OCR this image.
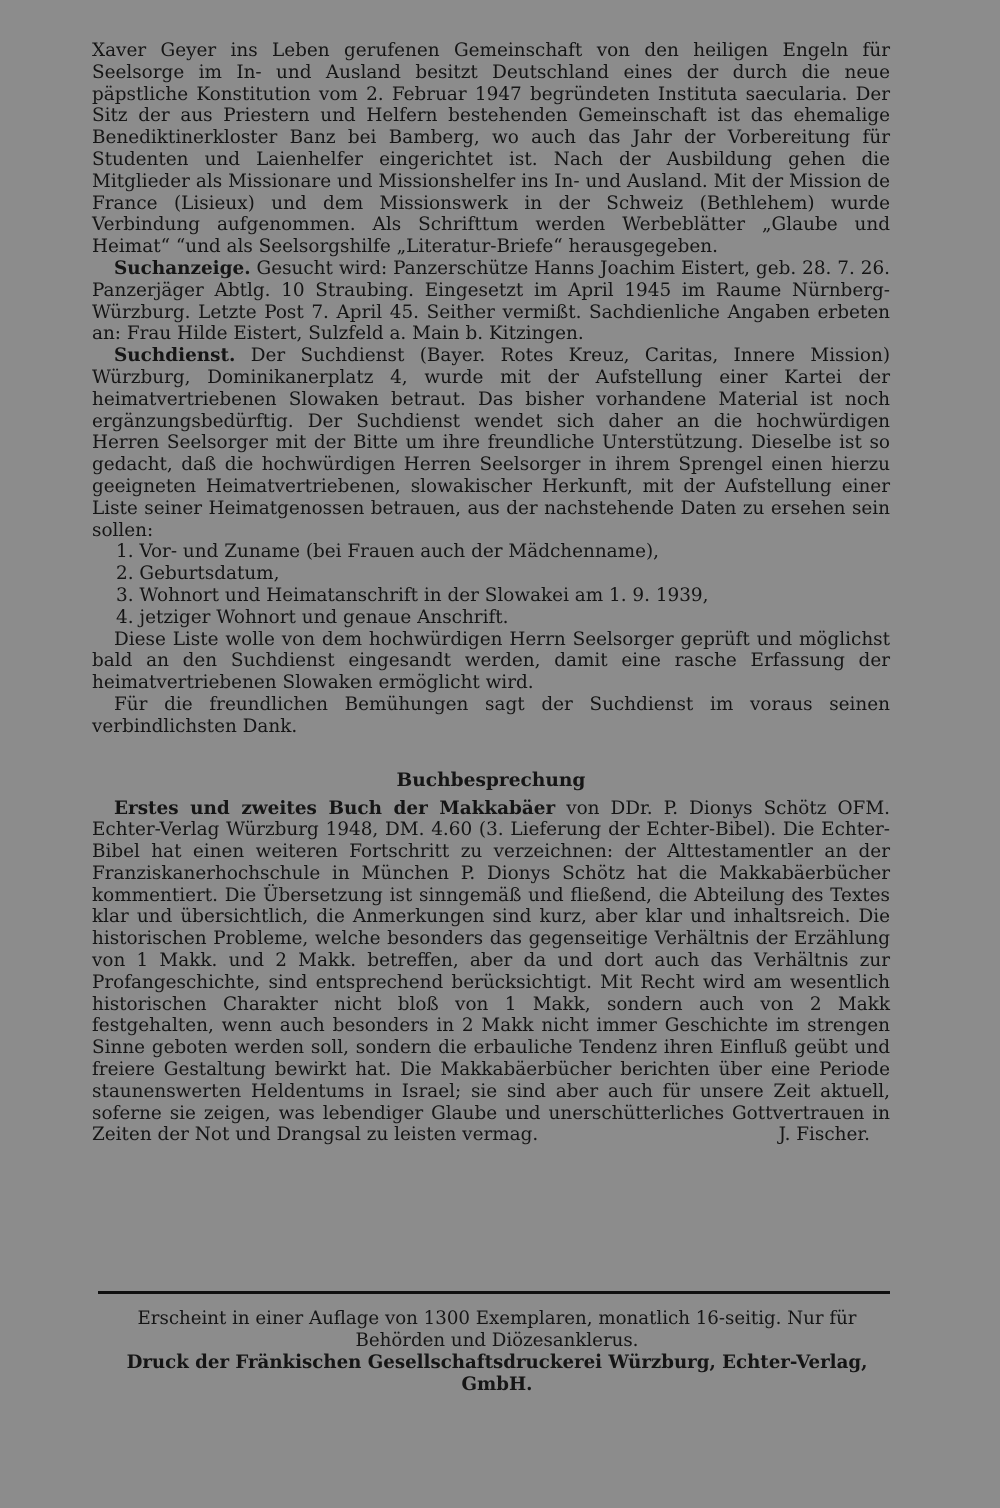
Xaver Geyer ins Leben gerufenen Gemeinschaft von den heiligen Engeln für Seelsorge im In- und Ausland besitzt Deutschland eines der durch die neue päpstliche Konstitution vom 2. Februar 1947 begründeten Instituta saecularia. Der Sitz der aus Priestern und Helfern bestehenden Gemeinschaft ist das ehemalige Benediktinerkloster Banz bei Bamberg, wo auch das Jahr der Vorbereitung für Studenten und Laienhelfer eingerichtet ist. Nach der Ausbildung gehen die Mitglieder als Missionare und Missionshelfer ins In- und Ausland. Mit der Mission de France (Lisieux) und dem Missionswerk in der Schweiz (Bethlehem) wurde Verbindung aufgenommen. Als Schrifttum werden Werbeblätter „Glaube und Heimat“ “und als Seelsorgshilfe „Literatur-Briefe“ herausgegeben.

Suchanzeige. Gesucht wird: Panzerschütze Hanns Joachim Eistert, geb. 28. 7. 26. Panzerjäger Abtlg. 10 Straubing. Eingesetzt im April 1945 im Raume Nürnberg-Würzburg. Letzte Post 7. April 45. Seither vermißt. Sachdienliche Angaben erbeten an: Frau Hilde Eistert, Sulzfeld a. Main b. Kitzingen.

Suchdienst. Der Suchdienst (Bayer. Rotes Kreuz, Caritas, Innere Mission) Würzburg, Dominikanerplatz 4, wurde mit der Aufstellung einer Kartei der heimatvertriebenen Slowaken betraut. Das bisher vorhandene Material ist noch ergänzungsbedürftig. Der Suchdienst wendet sich daher an die hochwürdigen Herren Seelsorger mit der Bitte um ihre freundliche Unterstützung. Dieselbe ist so gedacht, daß die hochwürdigen Herren Seelsorger in ihrem Sprengel einen hierzu geeigneten Heimatvertriebenen, slowakischer Herkunft, mit der Aufstellung einer Liste seiner Heimatgenossen betrauen, aus der nachstehende Daten zu ersehen sein sollen:

1. Vor- und Zuname (bei Frauen auch der Mädchenname),
2. Geburtsdatum,
3. Wohnort und Heimatanschrift in der Slowakei am 1. 9. 1939,
4. jetziger Wohnort und genaue Anschrift.

Diese Liste wolle von dem hochwürdigen Herrn Seelsorger geprüft und möglichst bald an den Suchdienst eingesandt werden, damit eine rasche Erfassung der heimatvertriebenen Slowaken ermöglicht wird.

Für die freundlichen Bemühungen sagt der Suchdienst im voraus seinen verbindlichsten Dank.

Buchbesprechung

Erstes und zweites Buch der Makkabäer von DDr. P. Dionys Schötz OFM. Echter-Verlag Würzburg 1948, DM. 4.60 (3. Lieferung der Echter-Bibel). Die Echter-Bibel hat einen weiteren Fortschritt zu verzeichnen: der Alttestamentler an der Franziskanerhochschule in München P. Dionys Schötz hat die Makkabäerbücher kommentiert. Die Übersetzung ist sinngemäß und fließend, die Abteilung des Textes klar und übersichtlich, die Anmerkungen sind kurz, aber klar und inhaltsreich. Die historischen Probleme, welche besonders das gegenseitige Verhältnis der Erzählung von 1 Makk. und 2 Makk. betreffen, aber da und dort auch das Verhältnis zur Profangeschichte, sind entsprechend berücksichtigt. Mit Recht wird am wesentlich historischen Charakter nicht bloß von 1 Makk, sondern auch von 2 Makk festgehalten, wenn auch besonders in 2 Makk nicht immer Geschichte im strengen Sinne geboten werden soll, sondern die erbauliche Tendenz ihren Einfluß geübt und freiere Gestaltung bewirkt hat. Die Makkabäerbücher berichten über eine Periode staunenswerten Heldentums in Israel; sie sind aber auch für unsere Zeit aktuell, soferne sie zeigen, was lebendiger Glaube und unerschütterliches Gottvertrauen in Zeiten der Not und Drangsal zu leisten vermag.	J. Fischer.

Erscheint in einer Auflage von 1300 Exemplaren, monatlich 16-seitig. Nur für Behörden und Diözesanklerus.

Druck der Fränkischen Gesellschaftsdruckerei Würzburg, Echter-Verlag, GmbH.
